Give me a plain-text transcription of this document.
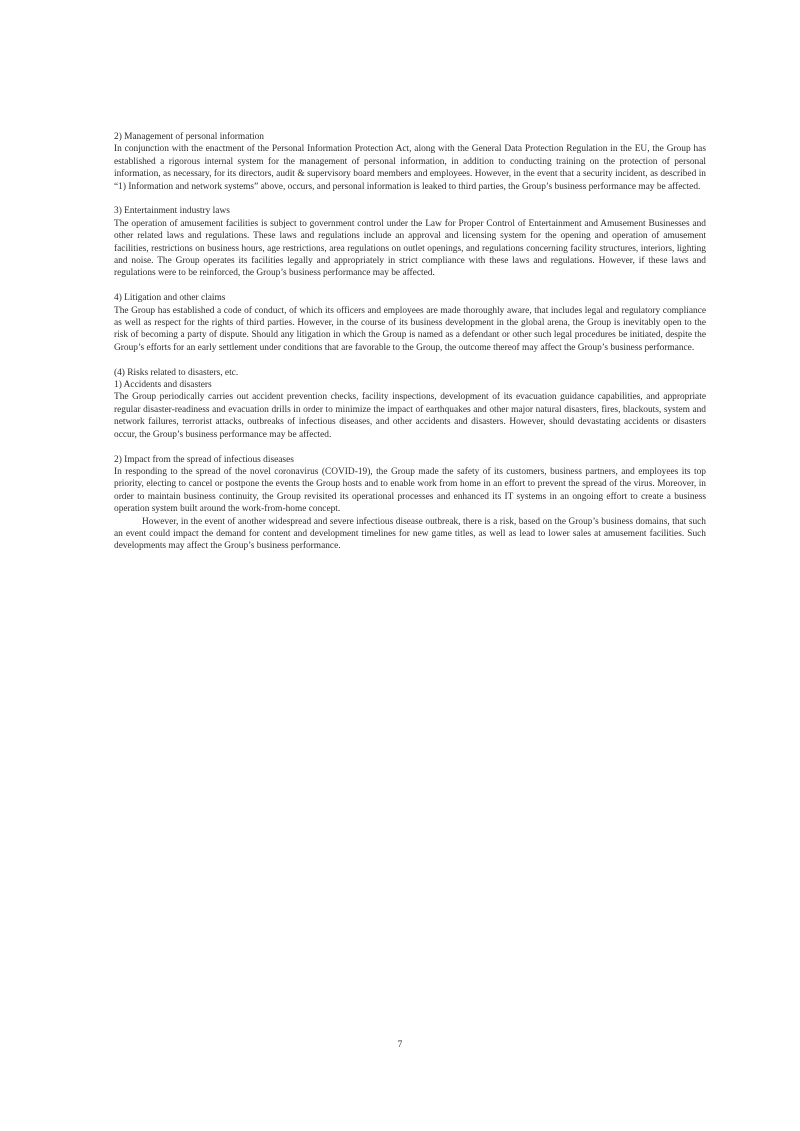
2) Management of personal information

In conjunction with the enactment of the Personal Information Protection Act, along with the General Data Protection Regulation in the EU, the Group has established a rigorous internal system for the management of personal information, in addition to conducting training on the protection of personal information, as necessary, for its directors, audit & supervisory board members and employees. However, in the event that a security incident, as described in “1) Information and network systems” above, occurs, and personal information is leaked to third parties, the Group’s business performance may be affected.

3) Entertainment industry laws

The operation of amusement facilities is subject to government control under the Law for Proper Control of Entertainment and Amusement Businesses and other related laws and regulations. These laws and regulations include an approval and licensing system for the opening and operation of amusement facilities, restrictions on business hours, age restrictions, area regulations on outlet openings, and regulations concerning facility structures, interiors, lighting and noise. The Group operates its facilities legally and appropriately in strict compliance with these laws and regulations. However, if these laws and regulations were to be reinforced, the Group’s business performance may be affected.

4) Litigation and other claims

The Group has established a code of conduct, of which its officers and employees are made thoroughly aware, that includes legal and regulatory compliance as well as respect for the rights of third parties. However, in the course of its business development in the global arena, the Group is inevitably open to the risk of becoming a party of dispute. Should any litigation in which the Group is named as a defendant or other such legal procedures be initiated, despite the Group’s efforts for an early settlement under conditions that are favorable to the Group, the outcome thereof may affect the Group’s business performance.

(4) Risks related to disasters, etc.

1) Accidents and disasters

The Group periodically carries out accident prevention checks, facility inspections, development of its evacuation guidance capabilities, and appropriate regular disaster-readiness and evacuation drills in order to minimize the impact of earthquakes and other major natural disasters, fires, blackouts, system and network failures, terrorist attacks, outbreaks of infectious diseases, and other accidents and disasters. However, should devastating accidents or disasters occur, the Group’s business performance may be affected.

2) Impact from the spread of infectious diseases

In responding to the spread of the novel coronavirus (COVID-19), the Group made the safety of its customers, business partners, and employees its top priority, electing to cancel or postpone the events the Group hosts and to enable work from home in an effort to prevent the spread of the virus. Moreover, in order to maintain business continuity, the Group revisited its operational processes and enhanced its IT systems in an ongoing effort to create a business operation system built around the work-from-home concept.

However, in the event of another widespread and severe infectious disease outbreak, there is a risk, based on the Group’s business domains, that such an event could impact the demand for content and development timelines for new game titles, as well as lead to lower sales at amusement facilities. Such developments may affect the Group’s business performance.

7
